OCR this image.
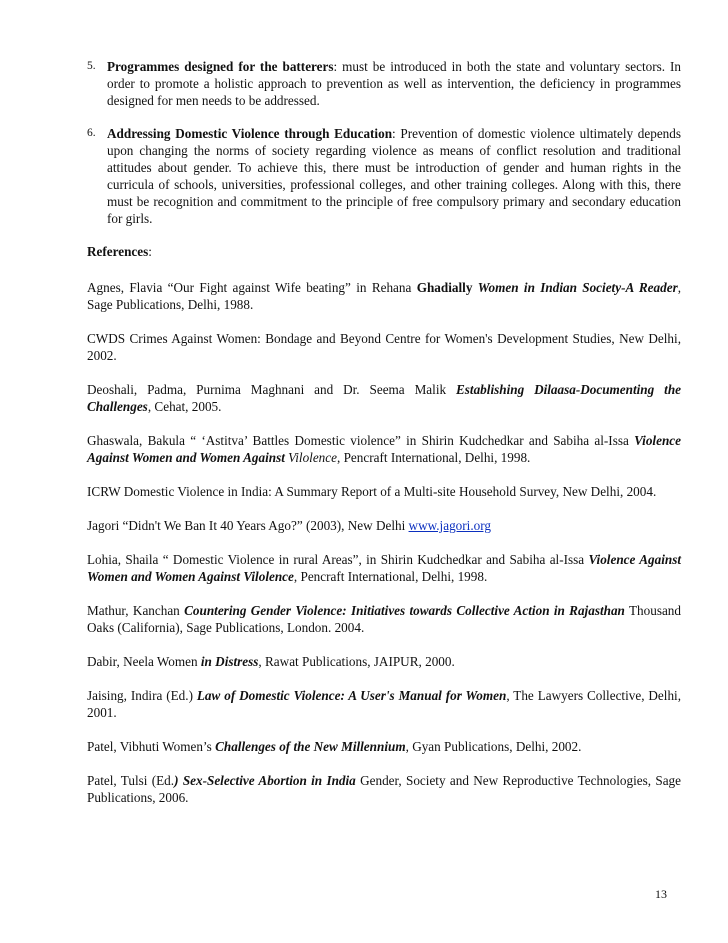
5. Programmes designed for the batterers: must be introduced in both the state and voluntary sectors. In order to promote a holistic approach to prevention as well as intervention, the deficiency in programmes designed for men needs to be addressed.
6. Addressing Domestic Violence through Education: Prevention of domestic violence ultimately depends upon changing the norms of society regarding violence as means of conflict resolution and traditional attitudes about gender. To achieve this, there must be introduction of gender and human rights in the curricula of schools, universities, professional colleges, and other training colleges. Along with this, there must be recognition and commitment to the principle of free compulsory primary and secondary education for girls.

References:

Agnes, Flavia “Our Fight against Wife beating” in Rehana Ghadially Women in Indian Society-A Reader, Sage Publications, Delhi, 1988.

CWDS Crimes Against Women: Bondage and Beyond Centre for Women's Development Studies, New Delhi, 2002.

Deoshali, Padma, Purnima Maghnani and Dr. Seema Malik Establishing Dilaasa-Documenting the Challenges, Cehat, 2005.

Ghaswala, Bakula “ ‘Astitva’ Battles Domestic violence” in Shirin Kudchedkar and Sabiha al-Issa Violence Against Women and Women Against Vilolence, Pencraft International, Delhi, 1998.

ICRW Domestic Violence in India: A Summary Report of a Multi-site Household Survey, New Delhi, 2004.

Jagori “Didn't We Ban It 40 Years Ago?” (2003), New Delhi www.jagori.org

Lohia, Shaila “ Domestic Violence in rural Areas”, in Shirin Kudchedkar and Sabiha al-Issa Violence Against Women and Women Against Vilolence, Pencraft International, Delhi, 1998.

Mathur, Kanchan Countering Gender Violence: Initiatives towards Collective Action in Rajasthan Thousand Oaks (California), Sage Publications, London. 2004.

Dabir, Neela Women in Distress, Rawat Publications, JAIPUR, 2000.

Jaising, Indira (Ed.) Law of Domestic Violence: A User's Manual for Women, The Lawyers Collective, Delhi, 2001.

Patel, Vibhuti Women’s Challenges of the New Millennium, Gyan Publications, Delhi, 2002.

Patel, Tulsi (Ed.) Sex-Selective Abortion in India Gender, Society and New Reproductive Technologies, Sage Publications, 2006.

13
